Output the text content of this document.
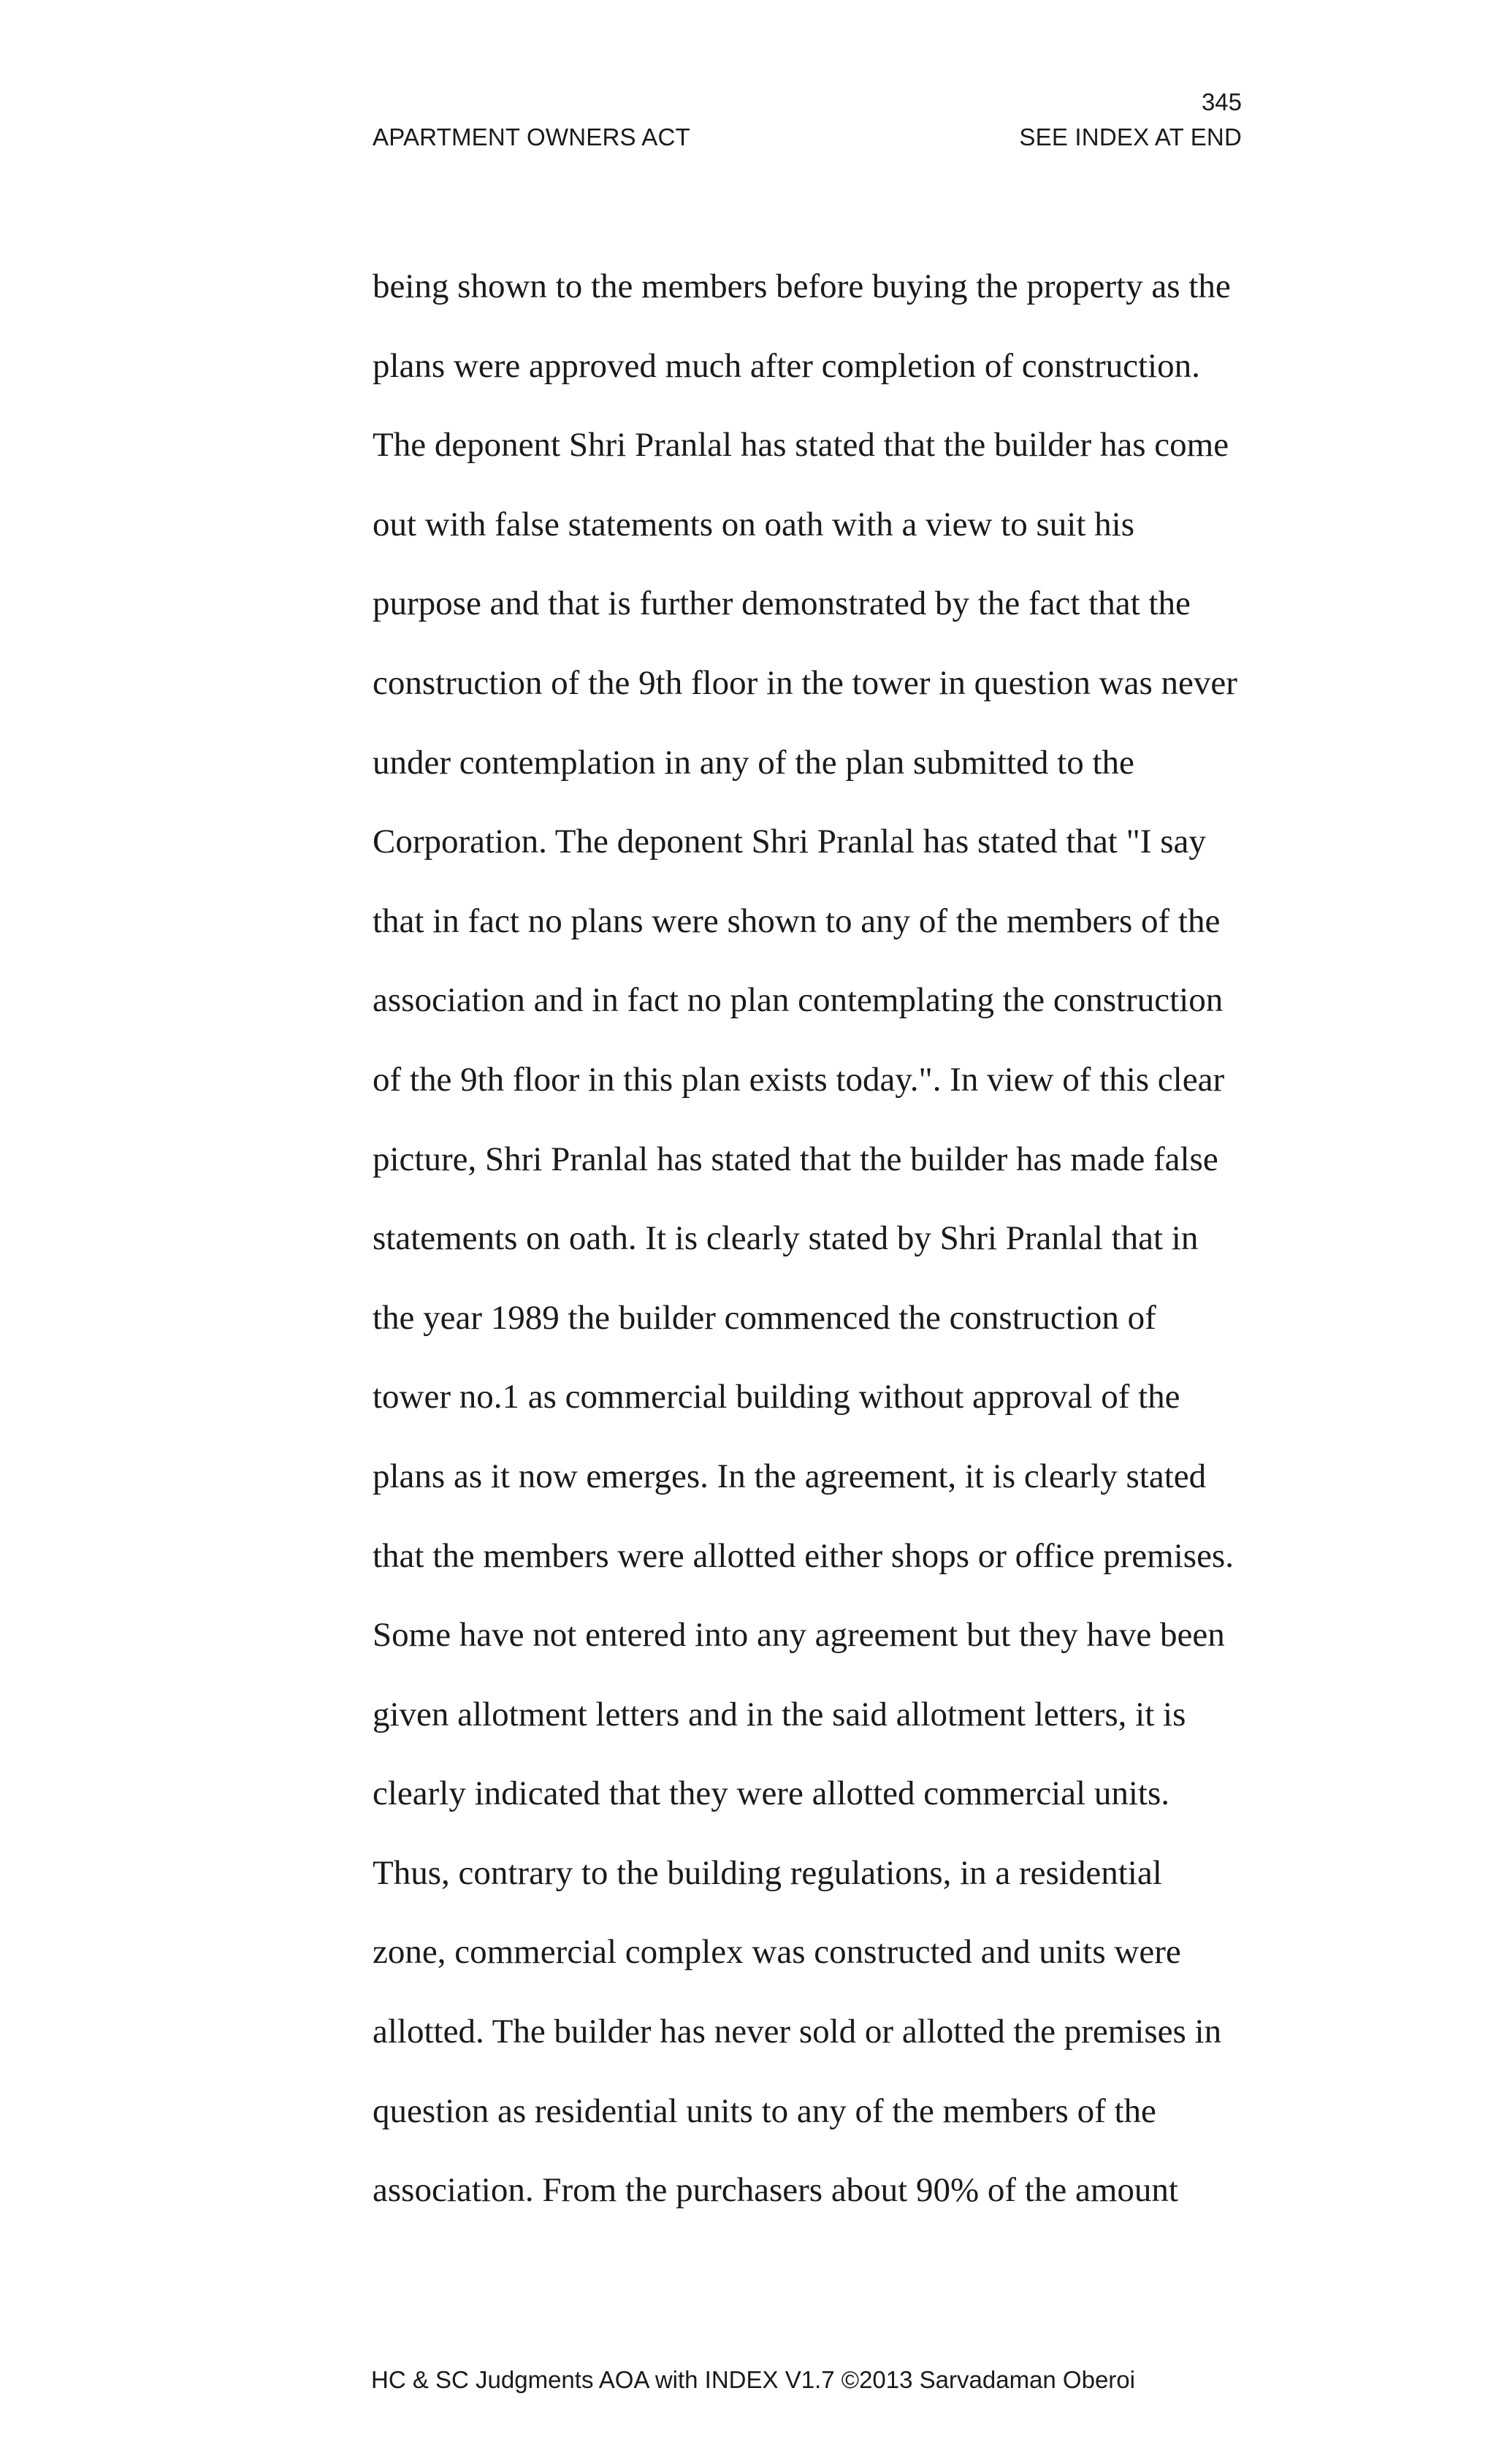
345
APARTMENT OWNERS ACT	SEE INDEX AT END
being shown to the members before buying the property as the
plans were approved much after completion of construction.
The deponent Shri Pranlal has stated that the builder has come
out with false statements on oath with a view to suit his
purpose and that is further demonstrated by the fact that the
construction of the 9th floor in the tower in question was never
under contemplation in any of the plan submitted to the
Corporation. The deponent Shri Pranlal has stated that "I say
that in fact no plans were shown to any of the members of the
association and in fact no plan contemplating the construction
of the 9th floor in this plan exists today.". In view of this clear
picture, Shri Pranlal has stated that the builder has made false
statements on oath. It is clearly stated by Shri Pranlal that in
the year 1989 the builder commenced the construction of
tower no.1 as commercial building without approval of the
plans as it now emerges. In the agreement, it is clearly stated
that the members were allotted either shops or office premises.
Some have not entered into any agreement but they have been
given allotment letters and in the said allotment letters, it is
clearly indicated that they were allotted commercial units.
Thus, contrary to the building regulations, in a residential
zone, commercial complex was constructed and units were
allotted. The builder has never sold or allotted the premises in
question as residential units to any of the members of the
association. From the purchasers about 90% of the amount
HC & SC Judgments AOA with INDEX V1.7 ©2013 Sarvadaman Oberoi
